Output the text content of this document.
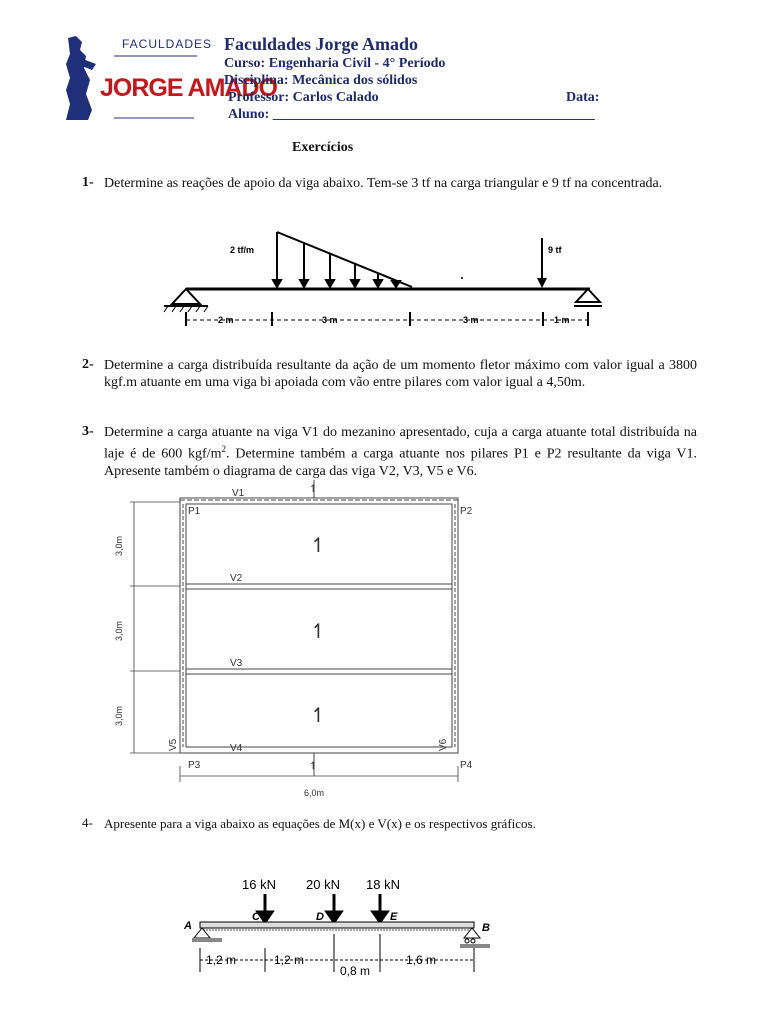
FACULDADES
JORGE AMADO
Faculdades Jorge Amado
Curso: Engenharia Civil - 4° Período
Disciplina: Mecânica dos sólidos
Professor: Carlos Calado	Data:
Aluno: ______________________________________________
Exercícios
1- Determine as reações de apoio da viga abaixo. Tem-se 3 tf na carga triangular e 9 tf na concentrada.
2 tf/m	9 tf
2 m	3 m	3 m	1 m
2- Determine a carga distribuída resultante da ação de um momento fletor máximo com valor igual a 3800 kgf.m atuante em uma viga bi apoiada com vão entre pilares com valor igual a 4,50m.
3- Determine a carga atuante na viga V1 do mezanino apresentado, cuja a carga atuante total distribuída na laje é de 600 kgf/$m^2$. Determine também a carga atuante nos pilares P1 e P2 resultante da viga V1. Apresente também o diagrama de carga das viga V2, V3, V5 e V6.
↿
↿
V1
V2
V3
V4
V5	V6
P1	P2
P3	P4
↿
↿
↿
3,0m
3,0m
3,0m
6,0m
4- Apresente para a viga abaixo as equações de M(x) e V(x) e os respectivos gráficos.
16 kN 20 kN 18 kN
A
C	D	E
B
1,2 m	1,2 m
0,8 m
1,6 m
